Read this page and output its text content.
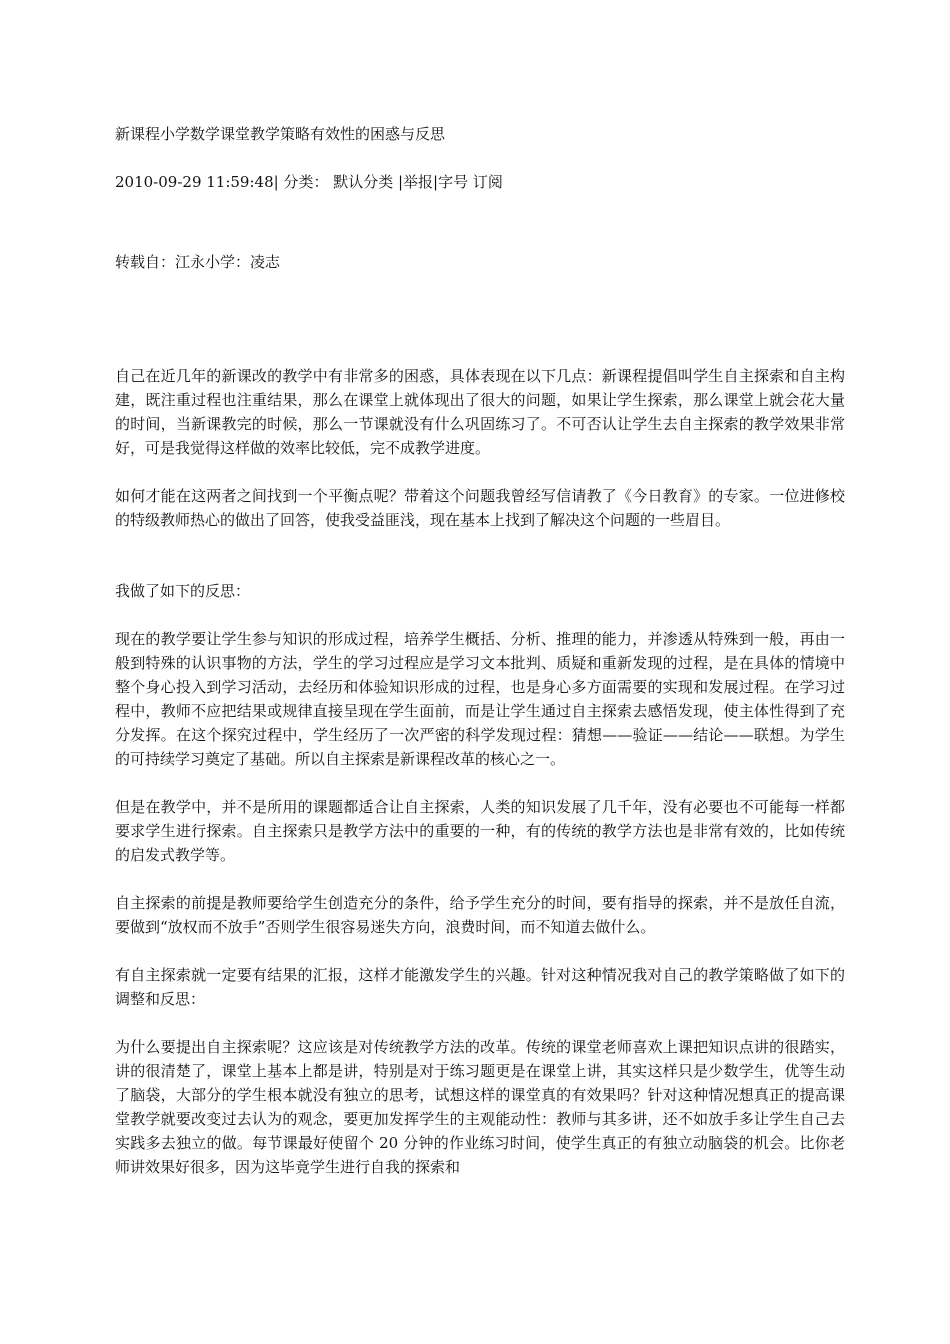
新课程小学数学课堂教学策略有效性的困惑与反思
2010-09-29 11:59:48| 分类： 默认分类 |举报|字号 订阅
转载自：江永小学：凌志

自己在近几年的新课改的教学中有非常多的困惑，具体表现在以下几点：新课程提倡叫学生自主探索和自主构建，既注重过程也注重结果，那么在课堂上就体现出了很大的问题，如果让学生探索，那么课堂上就会花大量的时间，当新课教完的时候，那么一节课就没有什么巩固练习了。不可否认让学生去自主探索的教学效果非常好，可是我觉得这样做的效率比较低，完不成教学进度。

如何才能在这两者之间找到一个平衡点呢？带着这个问题我曾经写信请教了《今日教育》的专家。一位进修校的特级教师热心的做出了回答，使我受益匪浅，现在基本上找到了解决这个问题的一些眉目。

我做了如下的反思：

现在的教学要让学生参与知识的形成过程，培养学生概括、分析、推理的能力，并渗透从特殊到一般，再由一般到特殊的认识事物的方法，学生的学习过程应是学习文本批判、质疑和重新发现的过程，是在具体的情境中整个身心投入到学习活动，去经历和体验知识形成的过程，也是身心多方面需要的实现和发展过程。在学习过程中，教师不应把结果或规律直接呈现在学生面前，而是让学生通过自主探索去感悟发现，使主体性得到了充分发挥。在这个探究过程中，学生经历了一次严密的科学发现过程：猜想——验证——结论——联想。为学生的可持续学习奠定了基础。所以自主探索是新课程改革的核心之一。

但是在教学中，并不是所用的课题都适合让自主探索，人类的知识发展了几千年，没有必要也不可能每一样都要求学生进行探索。自主探索只是教学方法中的重要的一种，有的传统的教学方法也是非常有效的，比如传统的启发式教学等。

自主探索的前提是教师要给学生创造充分的条件，给予学生充分的时间，要有指导的探索，并不是放任自流，要做到“放权而不放手”否则学生很容易迷失方向，浪费时间，而不知道去做什么。

有自主探索就一定要有结果的汇报，这样才能激发学生的兴趣。针对这种情况我对自己的教学策略做了如下的调整和反思：

为什么要提出自主探索呢？这应该是对传统教学方法的改革。传统的课堂老师喜欢上课把知识点讲的很踏实，讲的很清楚了，课堂上基本上都是讲，特别是对于练习题更是在课堂上讲，其实这样只是少数学生，优等生动了脑袋，大部分的学生根本就没有独立的思考，试想这样的课堂真的有效果吗？针对这种情况想真正的提高课堂教学就要改变过去认为的观念，要更加发挥学生的主观能动性：教师与其多讲，还不如放手多让学生自己去实践多去独立的做。每节课最好使留个 20 分钟的作业练习时间，使学生真正的有独立动脑袋的机会。比你老师讲效果好很多，因为这毕竟学生进行自我的探索和
